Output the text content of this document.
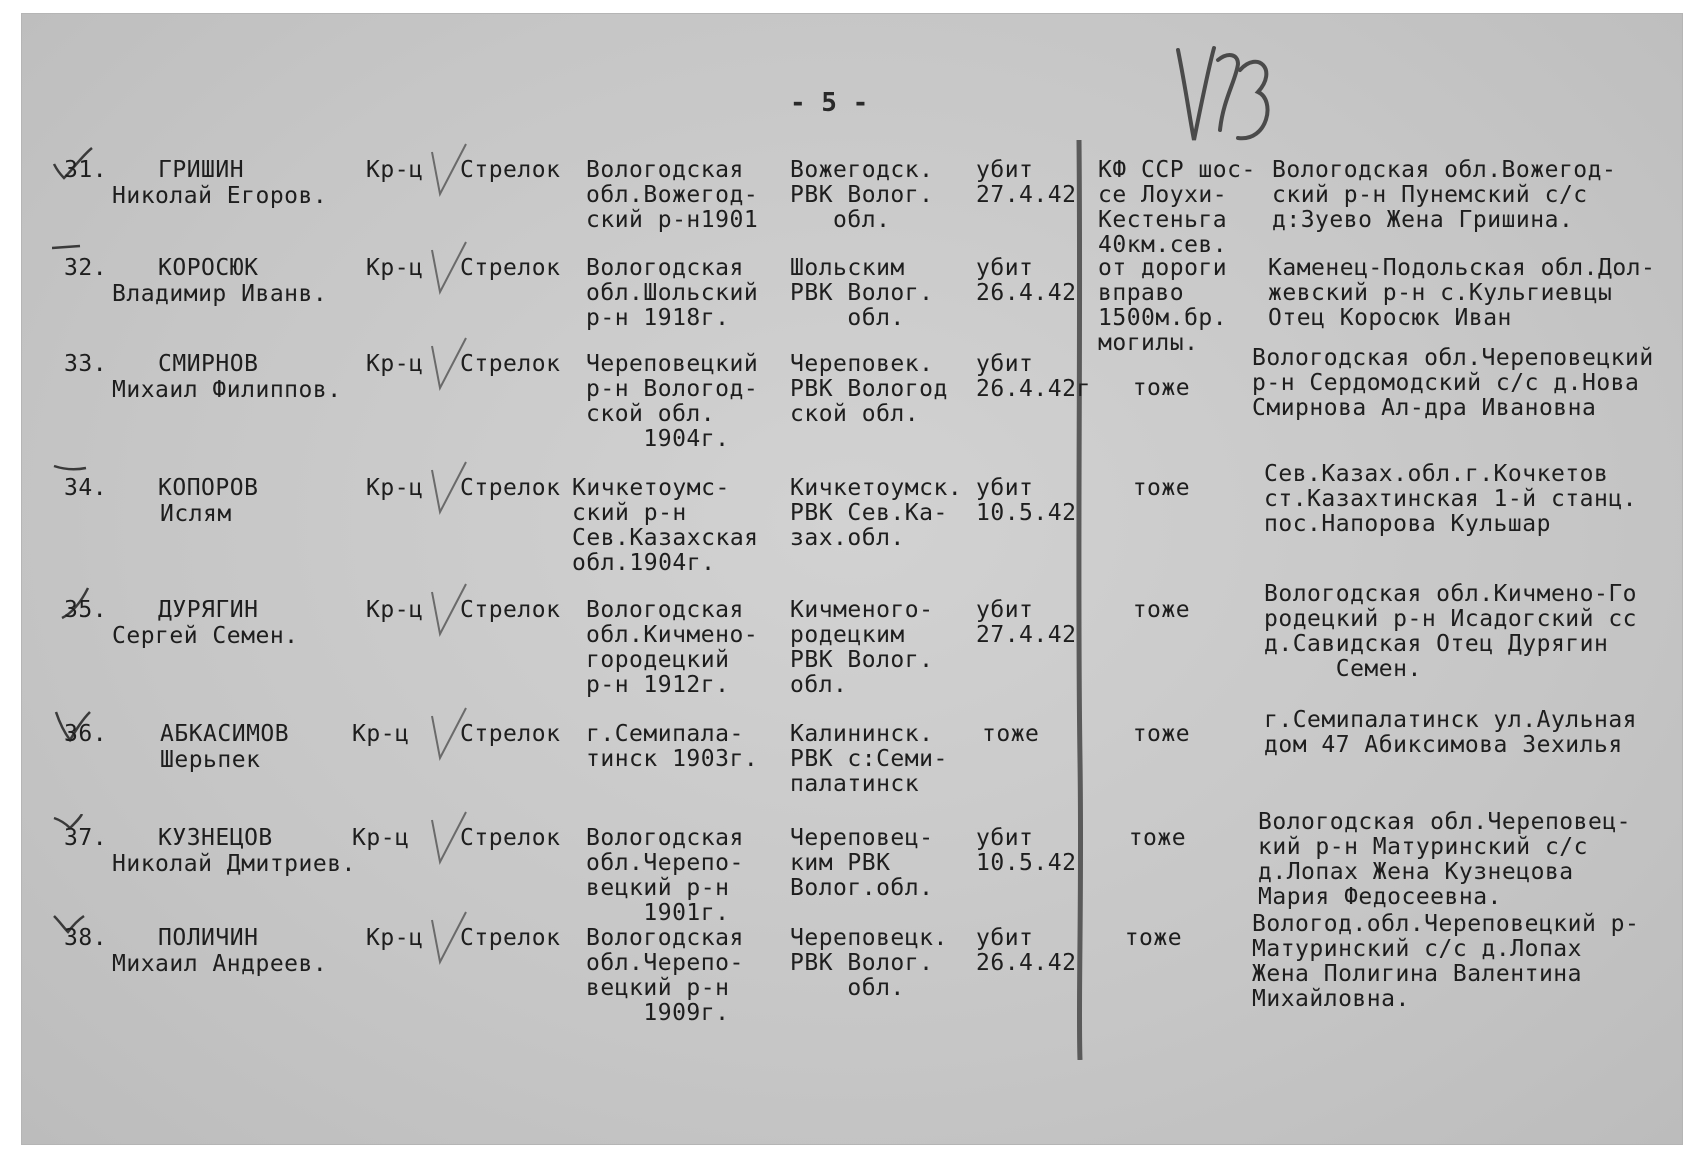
- 5 -
31. ГРИШИН
Николай Егоров.
Кр-ц Стрелок Вологодская
обл.Вожегод-
ский р-н1901
Вожегодск.
РВК Волог.
обл.
убит
27.4.42
КФ ССР шос-
се Лоухи-
Кестеньга
40км.сев.
Вологодская обл.Вожегод-
ский р-н Пунемский с/с
д:Зуево Жена Гришина.
32. КОРОСЮК
Владимир Иванв.
Кр-ц Стрелок Вологодская
обл.Шольский
р-н 1918г.
Шольским
РВК Волог.
обл.
убит
26.4.42
от дороги
вправо
1500м.бр.
могилы.
Каменец-Подольская обл.Дол-
жевский р-н с.Кульгиевцы
Отец Коросюк Иван
33. СМИРНОВ
Михаил Филиппов.
Кр-ц Стрелок Череповецкий
р-н Вологод-
ской обл.
1904г.
Череповек.
РВК Вологод
ской обл.
убит
26.4.42г тоже
Вологодская обл.Череповецкий
р-н Сердомодский с/с д.Нова
Смирнова Ал-дра Ивановна
34. КОПОРОВ
Ислям
Кр-ц Стрелок Кичкетоумс-
ский р-н
Сев.Казахская
обл.1904г.
Кичкетоумск.
РВК Сев.Ка-
зах.обл.
убит
10.5.42
тоже
Сев.Казах.обл.г.Кочкетов
ст.Казахтинская 1-й станц.
пос.Напорова Кульшар
35. ДУРЯГИН
Сергей Семен.
Кр-ц Стрелок Вологодская
обл.Кичмено-
городецкий
р-н 1912г.
Кичменого-
родецким
РВК Волог.
обл.
убит
27.4.42
тоже
Вологодская обл.Кичмено-Го
родецкий р-н Исадогский сс
д.Савидская Отец Дурягин
Семен.
36. АБКАСИМОВ
Шерьпек
Кр-ц Стрелок г.Семипала-
тинск 1903г.
Калининск.
РВК с:Семи-
палатинск
тоже	тоже
г.Семипалатинск ул.Аульная
дом 47 Абиксимова Зехилья
37. КУЗНЕЦОВ
Николай Дмитриев.
Кр-ц Стрелок Вологодская
обл.Черепо-
вецкий р-н
1901г.
Череповец-
ким РВК
Волог.обл.
убит
10.5.42
тоже
Вологодская обл.Череповец-
кий р-н Матуринский с/с
д.Лопах Жена Кузнецова
Мария Федосеевна.
38. ПОЛИЧИН
Михаил Андреев.
Кр-ц Стрелок Вологодская
обл.Черепо-
вецкий р-н
1909г.
Череповецк.
РВК Волог.
обл.
убит
26.4.42
тоже
Вологод.обл.Череповецкий р-
Матуринский с/с д.Лопах
Жена Полигина Валентина
Михайловна.
